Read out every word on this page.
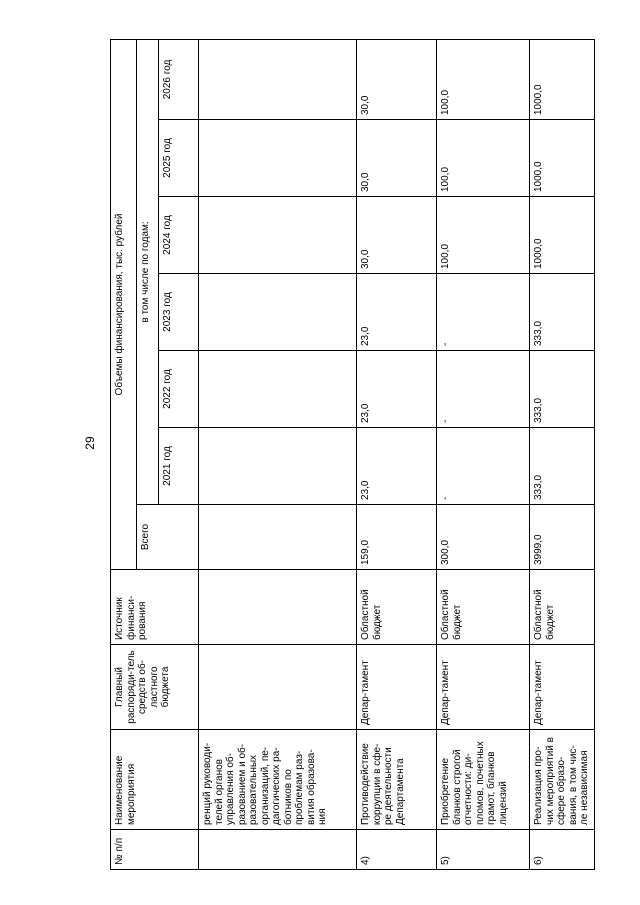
29
№ п/п	Наименование мероприятия	Главный распоряди-тель средств об-ластного бюджета	Источник финанси-рования	Объемы финансирования, тыс. рублей						
				Всего	в том числе по годам:					
					2021 год	2022 год	2023 год	2024 год	2025 год	2026 год
	ренций руководи-телей органов управления об-разованием и об-разовательных организаций, пе-дагогических ра-ботников по проблемам раз-вития образова-ния									
4)	Противодействие коррупции в сфе-ре деятельности Департамента	Депар-тамент	Областной бюджет	159,0	23,0	23,0	23,0	30,0	30,0	30,0
5)	Приобретение бланков строгой отчетности: ди-пломов, почетных грамот, бланков лицензий	Депар-тамент	Областной бюджет	300,0	-	-	-	100,0	100,0	100,0
6)	Реализация про-чих мероприятий в сфере образо-вания, в том чис-ле независимая	Депар-тамент	Областной бюджет	3999,0	333,0	333,0	333,0	1000,0	1000,0	1000,0
